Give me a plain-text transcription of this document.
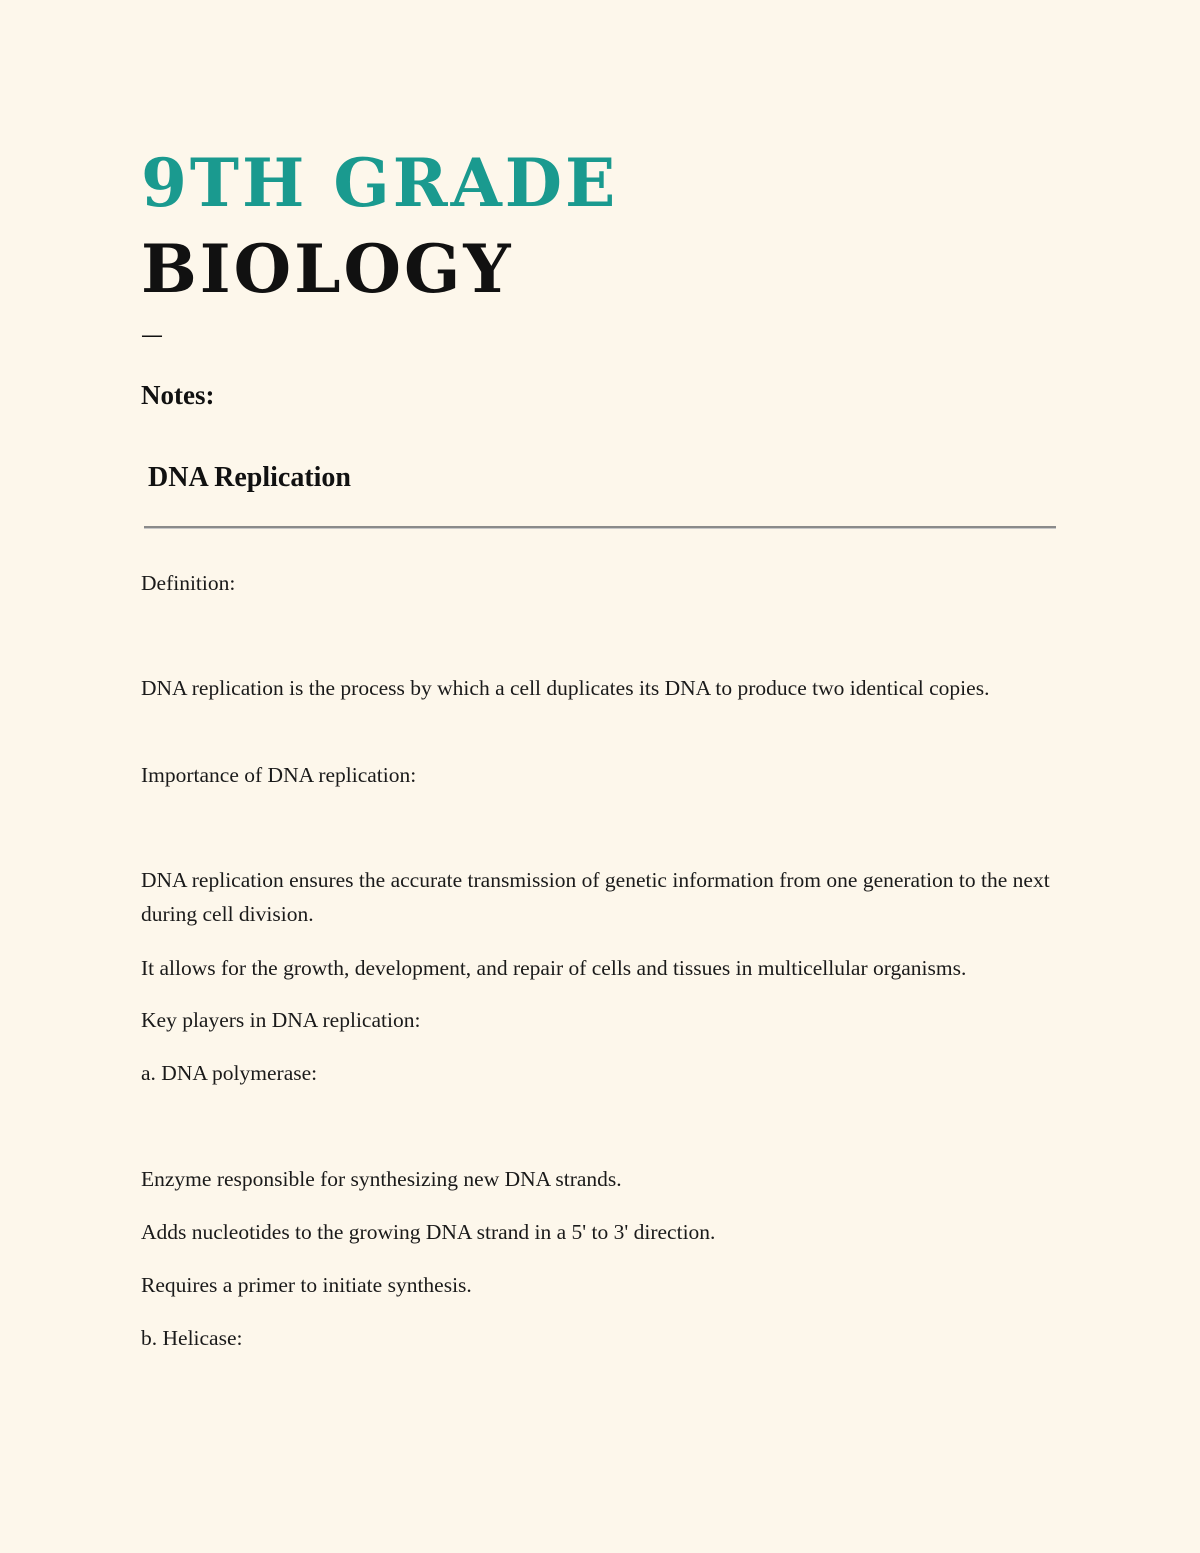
9TH GRADE
BIOLOGY
—
Notes:
DNA Replication

Definition:

DNA replication is the process by which a cell duplicates its DNA to produce two identical copies.

Importance of DNA replication:

DNA replication ensures the accurate transmission of genetic information from one generation to the next during cell division.

It allows for the growth, development, and repair of cells and tissues in multicellular organisms.

Key players in DNA replication:

a. DNA polymerase:

Enzyme responsible for synthesizing new DNA strands.

Adds nucleotides to the growing DNA strand in a 5' to 3' direction.

Requires a primer to initiate synthesis.

b. Helicase:
